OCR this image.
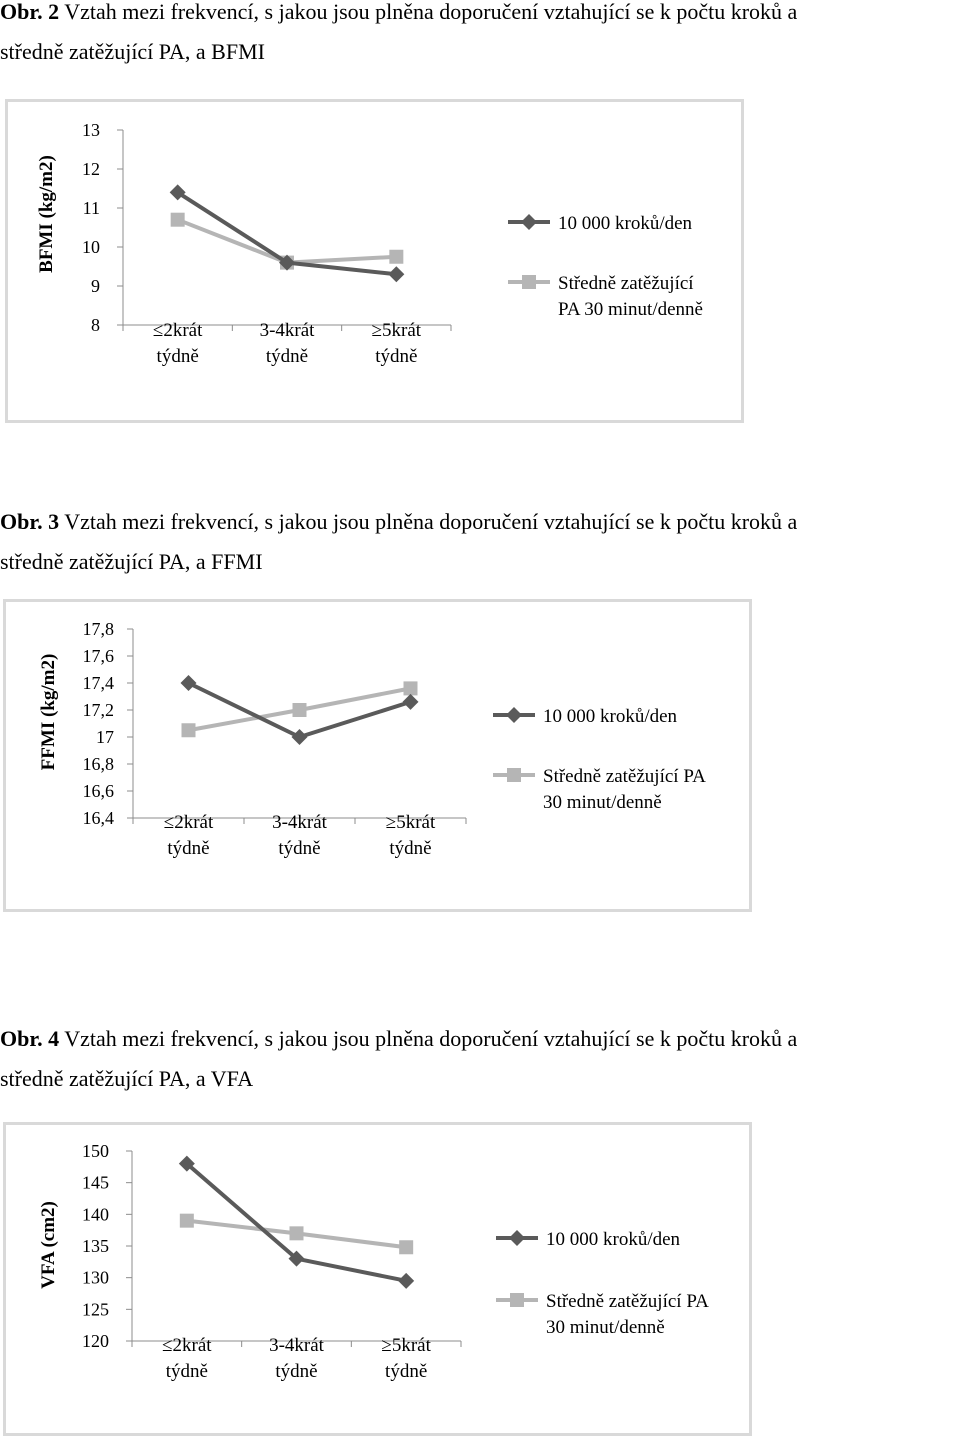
Obr. 2 Vztah mezi frekvencí, s jakou jsou plněna doporučení vztahující se k počtu kroků a
středně zatěžující PA, a BFMI

13
12
11
10
9
8	≤2krát
týdně
3-4krát
týdně
≥5krát
týdně
BFMI (kg/m2)	10 000 kroků/den
Středně zatěžující
PA 30 minut/denně

Obr. 3 Vztah mezi frekvencí, s jakou jsou plněna doporučení vztahující se k počtu kroků a
středně zatěžující PA, a FFMI

17,8
17,6
17,4
17,2
17
16,8
16,6
16,4	≤2krát
týdně
3-4krát
týdně
≥5krát
týdně
FFMI (kg/m2)	10 000 kroků/den
Středně zatěžující PA
30 minut/denně

Obr. 4 Vztah mezi frekvencí, s jakou jsou plněna doporučení vztahující se k počtu kroků a
středně zatěžující PA, a VFA

150
145
140
135
130
125
120	≤2krát
týdně
3-4krát
týdně
≥5krát
týdně
VFA (cm2)	10 000 kroků/den
Středně zatěžující PA
30 minut/denně
